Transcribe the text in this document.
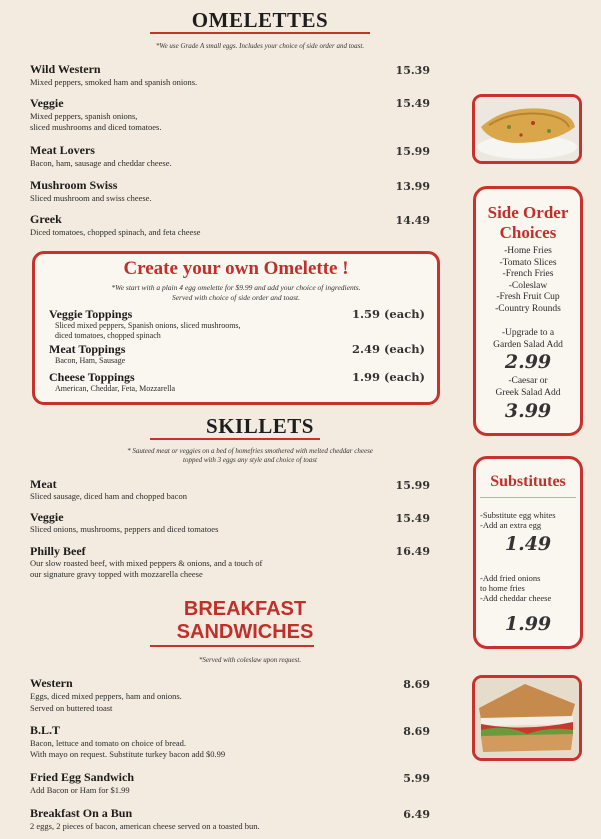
OMELETTES
*We use Grade A small eggs. Includes your choice of side order and toast.
Wild Western
Mixed peppers, smoked ham and spanish onions.
15.39
Veggie
Mixed peppers, spanish onions,
sliced mushrooms and diced tomatoes.
15.49
Meat Lovers
Bacon, ham, sausage and cheddar cheese.
15.99
Mushroom Swiss
Sliced mushroom and swiss cheese.
13.99
Greek
Diced tomatoes, chopped spinach, and feta cheese
14.49
Create your own Omelette !
*We start with a plain 4 egg omelette for $9.99 and add your choice of ingredients.
Served with choice of side order and toast.
Veggie Toppings
Sliced mixed peppers, Spanish onions, sliced mushrooms,
diced tomatoes, chopped spinach
1.59 (each)
Meat Toppings
Bacon, Ham, Sausage
2.49 (each)
Cheese Toppings
American, Cheddar, Feta, Mozzarella
1.99 (each)
SKILLETS
* Sauteed meat or veggies on a bed of homefries smothered with melted cheddar cheese
topped with 3 eggs any style and choice of toast
Meat
Sliced sausage, diced ham and chopped bacon
15.99
Veggie
Sliced onions, mushrooms, peppers and diced tomatoes
15.49
Philly Beef
Our slow roasted beef, with mixed peppers & onions, and a touch of
our signature gravy topped with mozzarella cheese
16.49
BREAKFAST
SANDWICHES
*Served with coleslaw upon request.
Western
Eggs, diced mixed peppers, ham and onions.
Served on buttered toast
8.69
B.L.T
Bacon, lettuce and tomato on choice of bread.
With mayo on request. Substitute turkey bacon add $0.99
8.69
Fried Egg Sandwich
Add Bacon or Ham for $1.99
5.99
Breakfast On a Bun
2 eggs, 2 pieces of bacon, american cheese served on a toasted bun.
6.49
Side Order
Choices
-Home Fries
-Tomato Slices
-French Fries
-Coleslaw
-Fresh Fruit Cup
-Country Rounds
-Upgrade to a
Garden Salad Add
2.99
-Caesar or
Greek Salad Add
3.99
Substitutes
-Substitute egg whites
-Add an extra egg
1.49
-Add fried onions
to home fries
-Add cheddar cheese
1.99
